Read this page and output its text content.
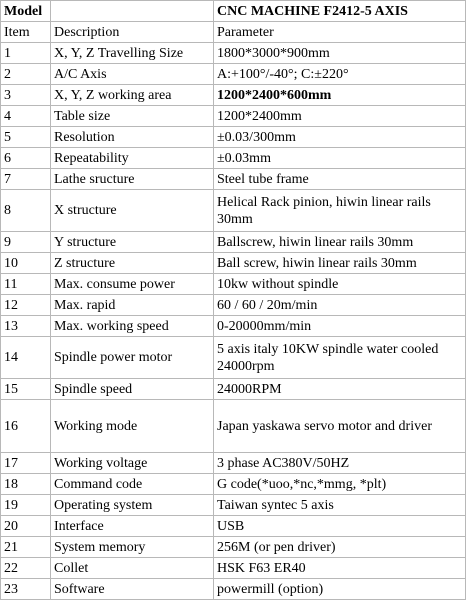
Model		CNC MACHINE F2412-5 AXIS
Item	Description	Parameter
1	X, Y, Z Travelling Size	1800*3000*900mm
2	A/C Axis	A:+100°/-40°; C:±220°
3	X, Y, Z working area	1200*2400*600mm
4	Table size	1200*2400mm
5	Resolution	±0.03/300mm
6	Repeatability	±0.03mm
7	Lathe sructure	Steel tube frame
8	X structure	Helical Rack pinion, hiwin linear rails 30mm
9	Y structure	Ballscrew, hiwin linear rails 30mm
10	Z structure	Ball screw, hiwin linear rails 30mm
11	Max. consume power	10kw without spindle
12	Max. rapid	60 / 60 / 20m/min
13	Max. working speed	0-20000mm/min
14	Spindle power motor	5 axis italy 10KW spindle water cooled 24000rpm
15	Spindle speed	24000RPM
16	Working mode	Japan yaskawa servo motor and driver
17	Working voltage	3 phase AC380V/50HZ
18	Command code	G code(*uoo,*nc,*mmg, *plt)
19	Operating system	Taiwan syntec 5 axis
20	Interface	USB
21	System memory	256M (or pen driver)
22	Collet	HSK F63 ER40
23	Software	powermill (option)
